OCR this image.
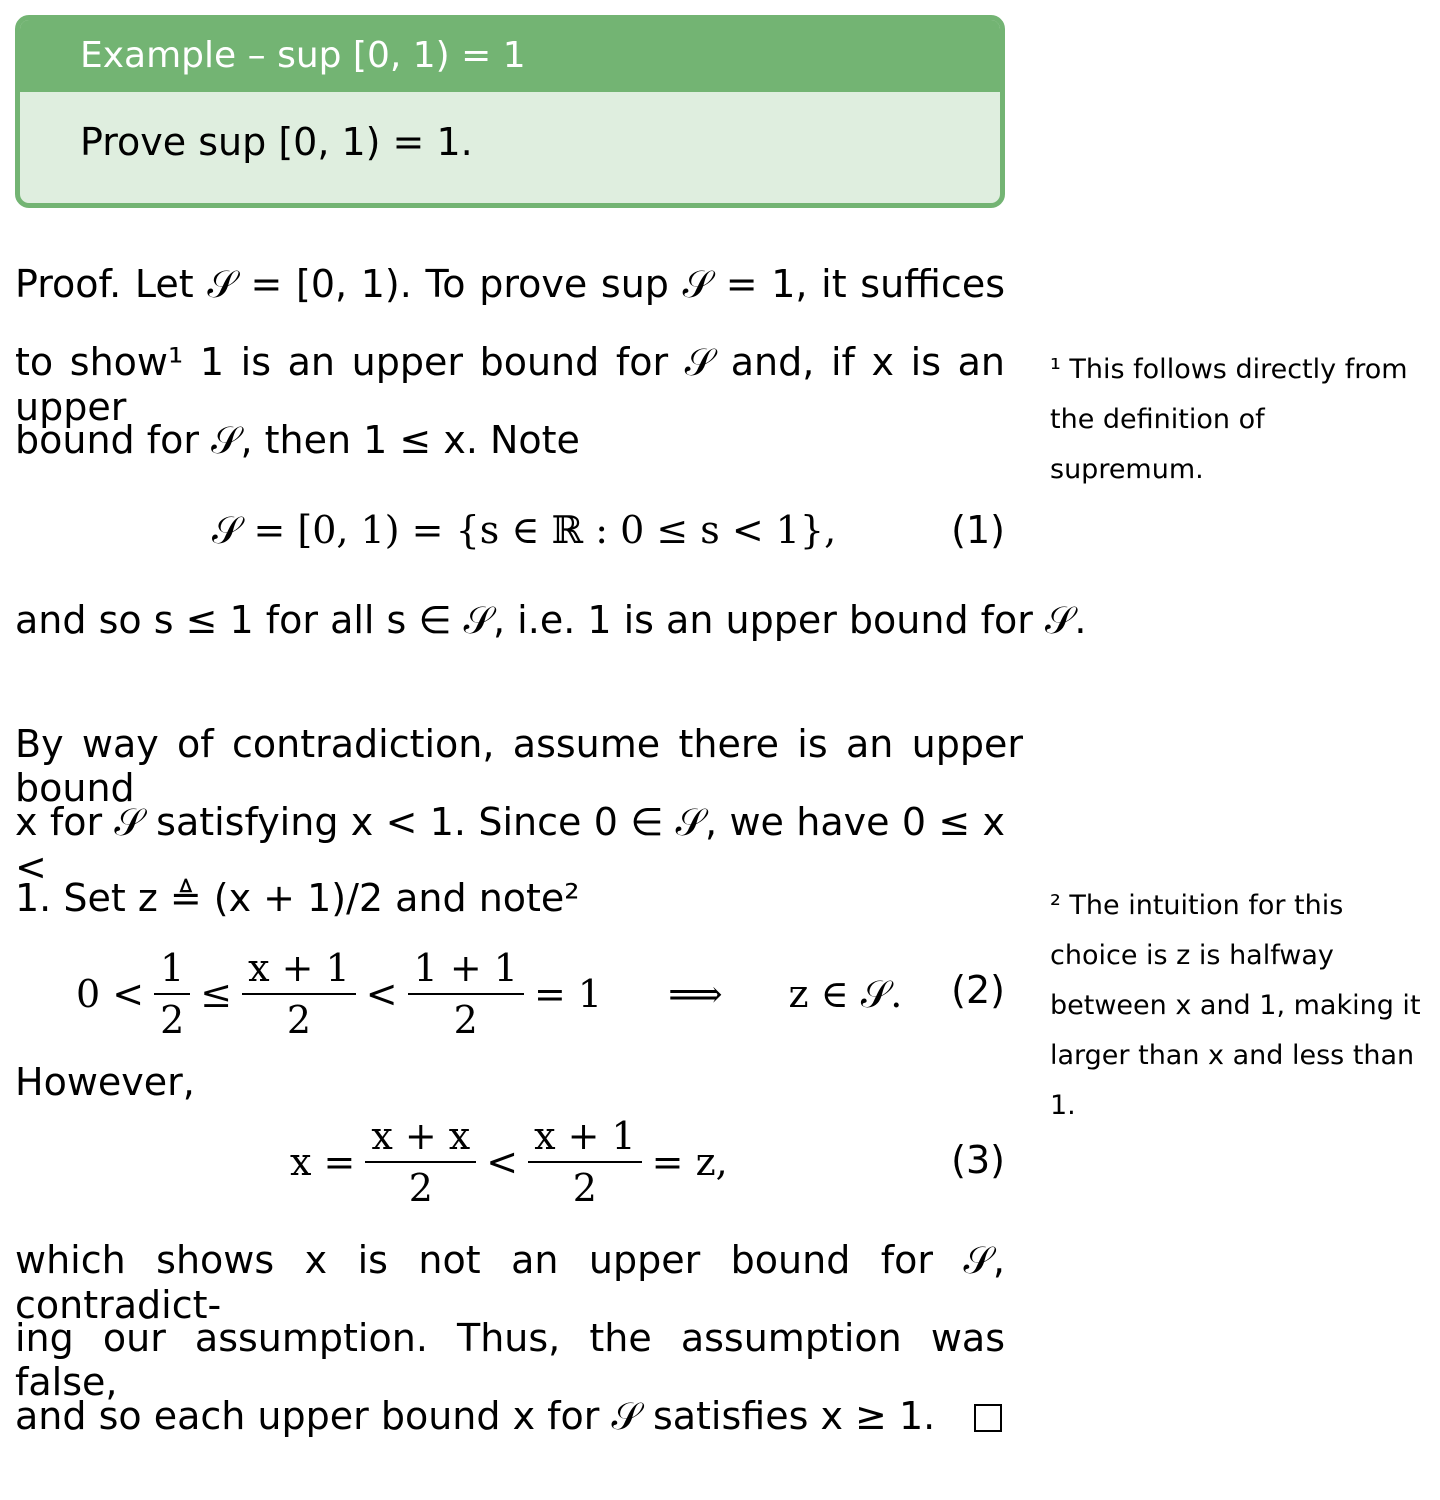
Example – sup [0, 1) = 1
Prove sup [0, 1) = 1.
Proof. Let 𝒮 = [0, 1). To prove sup 𝒮 = 1, it suffices
to show¹ 1 is an upper bound for 𝒮 and, if x is an upper
bound for 𝒮, then 1 ≤ x. Note
𝒮 = [0, 1) = {s ∈ ℝ : 0 ≤ s < 1},	(1)
and so s ≤ 1 for all s ∈ 𝒮, i.e. 1 is an upper bound for 𝒮.
By way of contradiction, assume there is an upper bound
x for 𝒮 satisfying x < 1. Since 0 ∈ 𝒮, we have 0 ≤ x <
1. Set z ≜ (x + 1)/2 and note²
$0 < \frac{1}{2} \le \frac{x + 1}{2} < \frac{1 + 1}{2} = 1$ ⟹ z ∈ 𝒮. (2)
However,
$x = \frac{x + x}{2} < \frac{x + 1}{2} = z$,	(3)
which shows x is not an upper bound for 𝒮, contradict-
ing our assumption. Thus, the assumption was false,
and so each upper bound x for 𝒮 satisfies x ≥ 1.
¹ This follows directly from the definition of supremum.
² The intuition for this choice is z is halfway between x and 1, making it larger than x and less than 1.
